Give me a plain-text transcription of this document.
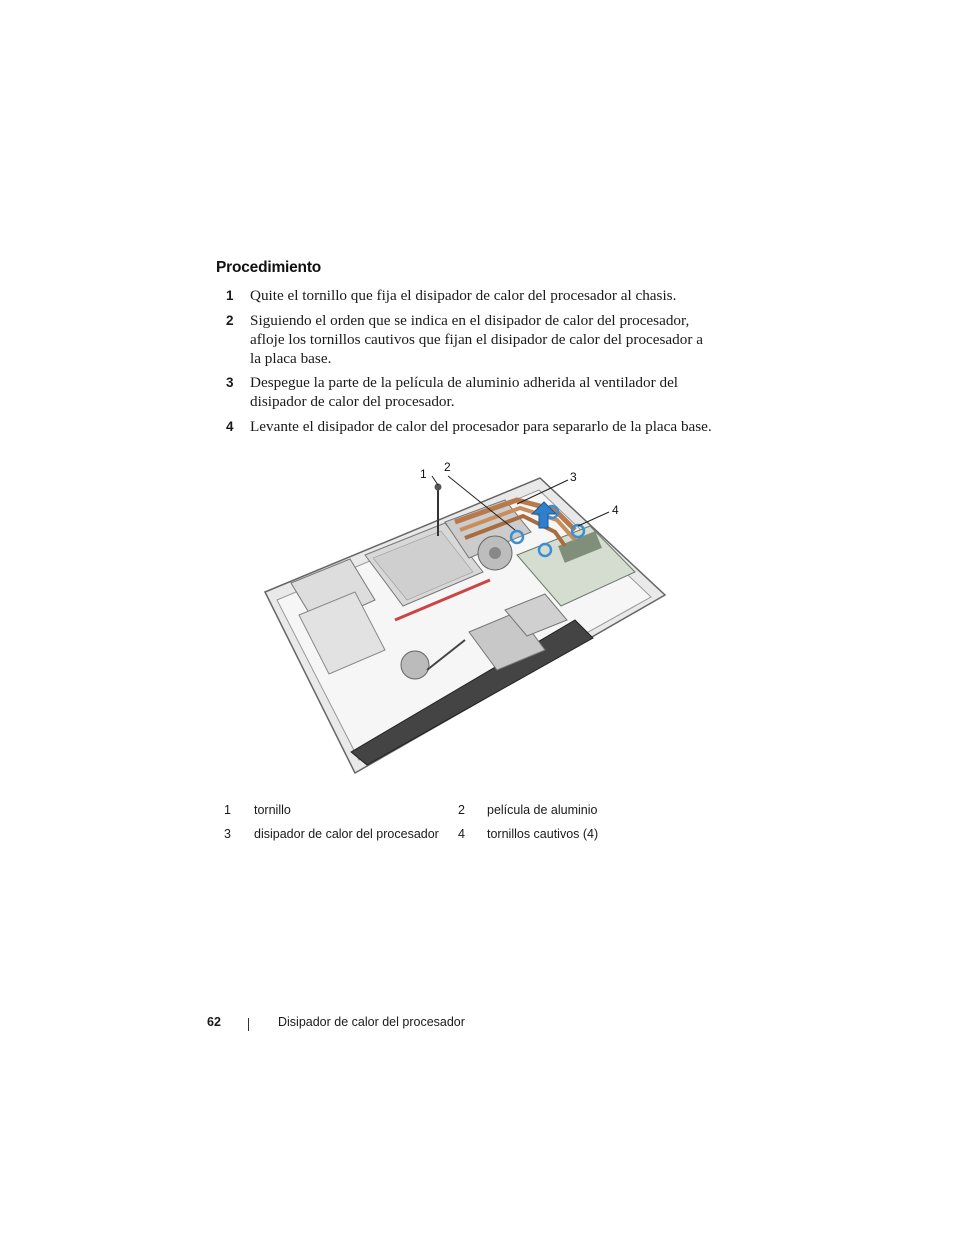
Procedimiento
1 Quite el tornillo que fija el disipador de calor del procesador al chasis.
2 Siguiendo el orden que se indica en el disipador de calor del procesador,
afloje los tornillos cautivos que fijan el disipador de calor del procesador a
la placa base.
3 Despegue la parte de la película de aluminio adherida al ventilador del
disipador de calor del procesador.
4 Levante el disipador de calor del procesador para separarlo de la placa base.
1 2
3
4
1 tornillo	2 película de aluminio
3 disipador de calor del procesador 4 tornillos cautivos (4)
62	Disipador de calor del procesador
